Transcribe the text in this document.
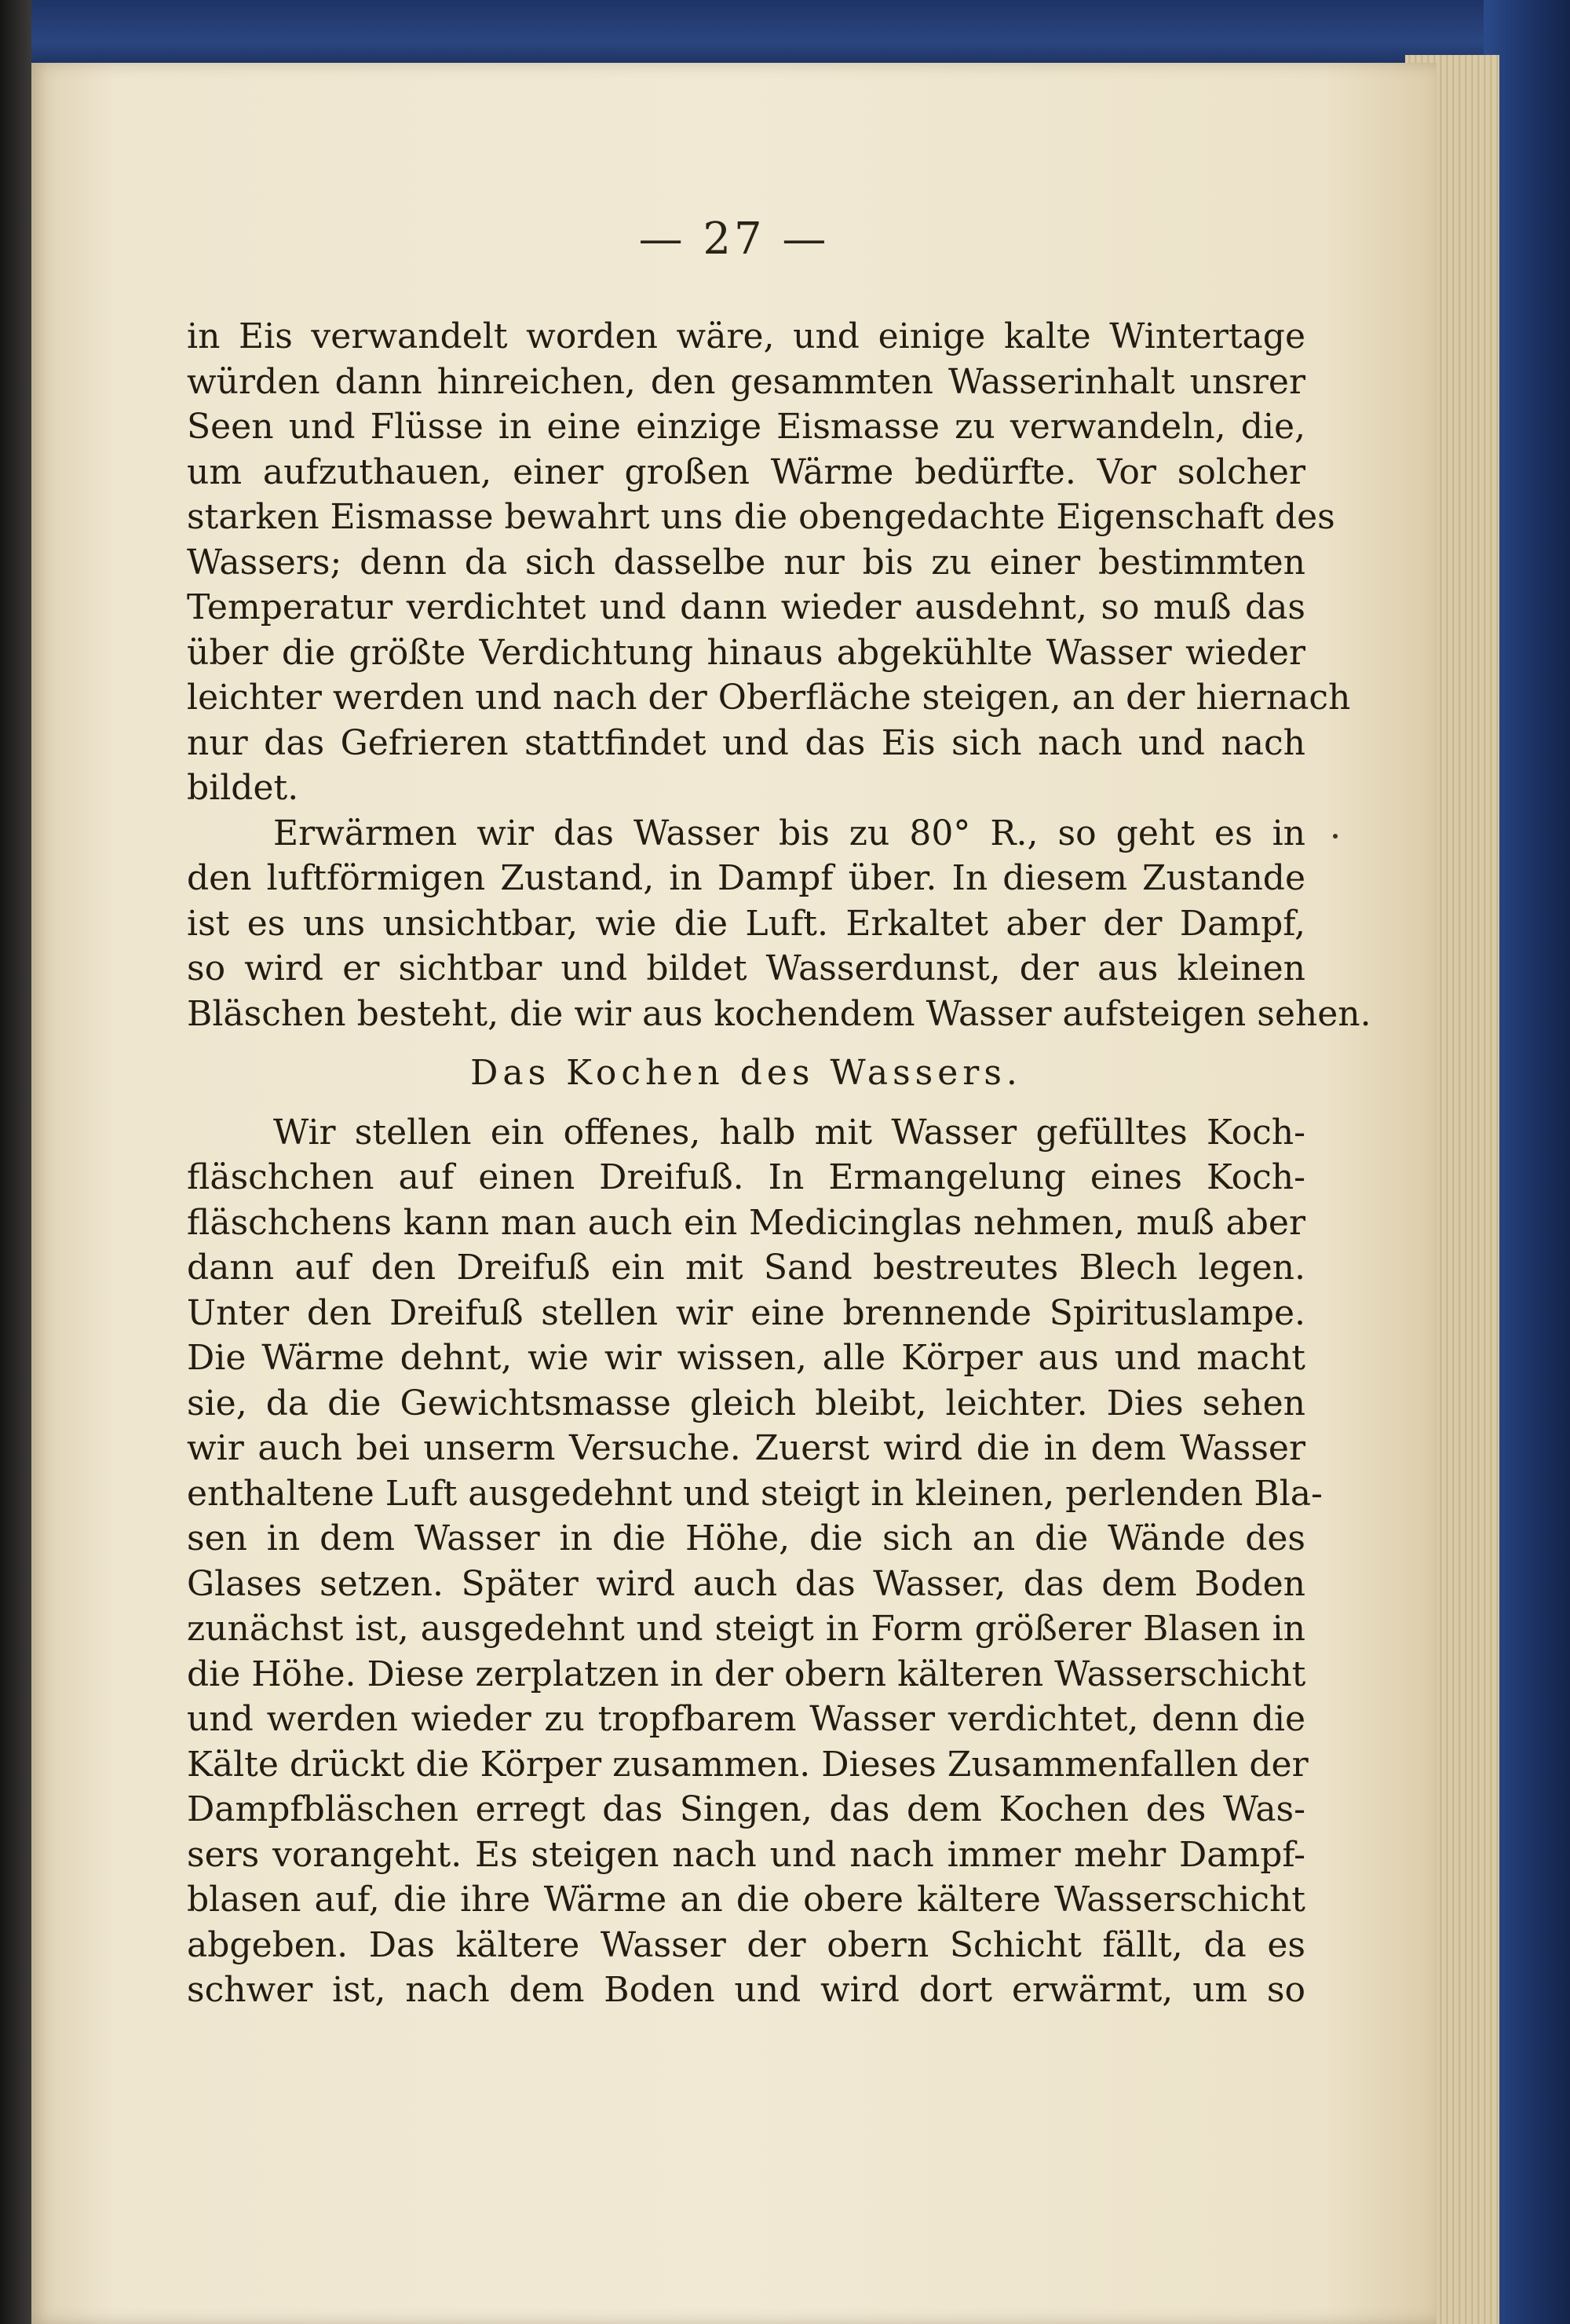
— 27 —
in Eis verwandelt worden wäre, und einige kalte Wintertage
würden dann hinreichen, den gesammten Wasserinhalt unsrer
Seen und Flüsse in eine einzige Eismasse zu verwandeln, die,
um aufzuthauen, einer großen Wärme bedürfte. Vor solcher
starken Eismasse bewahrt uns die obengedachte Eigenschaft des
Wassers; denn da sich dasselbe nur bis zu einer bestimmten
Temperatur verdichtet und dann wieder ausdehnt, so muß das
über die größte Verdichtung hinaus abgekühlte Wasser wieder
leichter werden und nach der Oberfläche steigen, an der hiernach
nur das Gefrieren stattfindet und das Eis sich nach und nach
bildet.
Erwärmen wir das Wasser bis zu 80° R., so geht es in
den luftförmigen Zustand, in Dampf über. In diesem Zustande
ist es uns unsichtbar, wie die Luft. Erkaltet aber der Dampf,
so wird er sichtbar und bildet Wasserdunst, der aus kleinen
Bläschen besteht, die wir aus kochendem Wasser aufsteigen sehen.
Das Kochen des Wassers.
Wir stellen ein offenes, halb mit Wasser gefülltes Koch-
fläschchen auf einen Dreifuß. In Ermangelung eines Koch-
fläschchens kann man auch ein Medicinglas nehmen, muß aber
dann auf den Dreifuß ein mit Sand bestreutes Blech legen.
Unter den Dreifuß stellen wir eine brennende Spirituslampe.
Die Wärme dehnt, wie wir wissen, alle Körper aus und macht
sie, da die Gewichtsmasse gleich bleibt, leichter. Dies sehen
wir auch bei unserm Versuche. Zuerst wird die in dem Wasser
enthaltene Luft ausgedehnt und steigt in kleinen, perlenden Bla-
sen in dem Wasser in die Höhe, die sich an die Wände des
Glases setzen. Später wird auch das Wasser, das dem Boden
zunächst ist, ausgedehnt und steigt in Form größerer Blasen in
die Höhe. Diese zerplatzen in der obern kälteren Wasserschicht
und werden wieder zu tropfbarem Wasser verdichtet, denn die
Kälte drückt die Körper zusammen. Dieses Zusammenfallen der
Dampfbläschen erregt das Singen, das dem Kochen des Was-
sers vorangeht. Es steigen nach und nach immer mehr Dampf-
blasen auf, die ihre Wärme an die obere kältere Wasserschicht
abgeben. Das kältere Wasser der obern Schicht fällt, da es
schwer ist, nach dem Boden und wird dort erwärmt, um so
